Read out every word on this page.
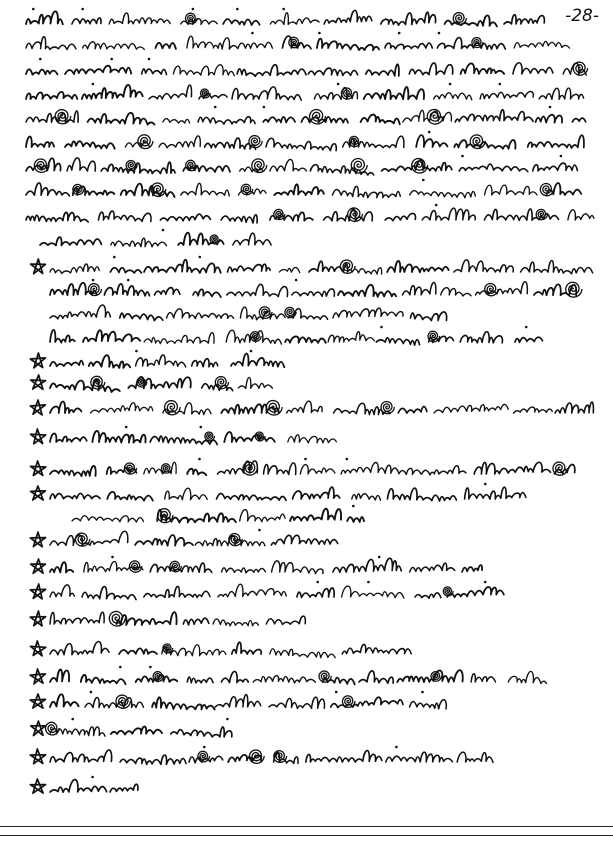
-28-
